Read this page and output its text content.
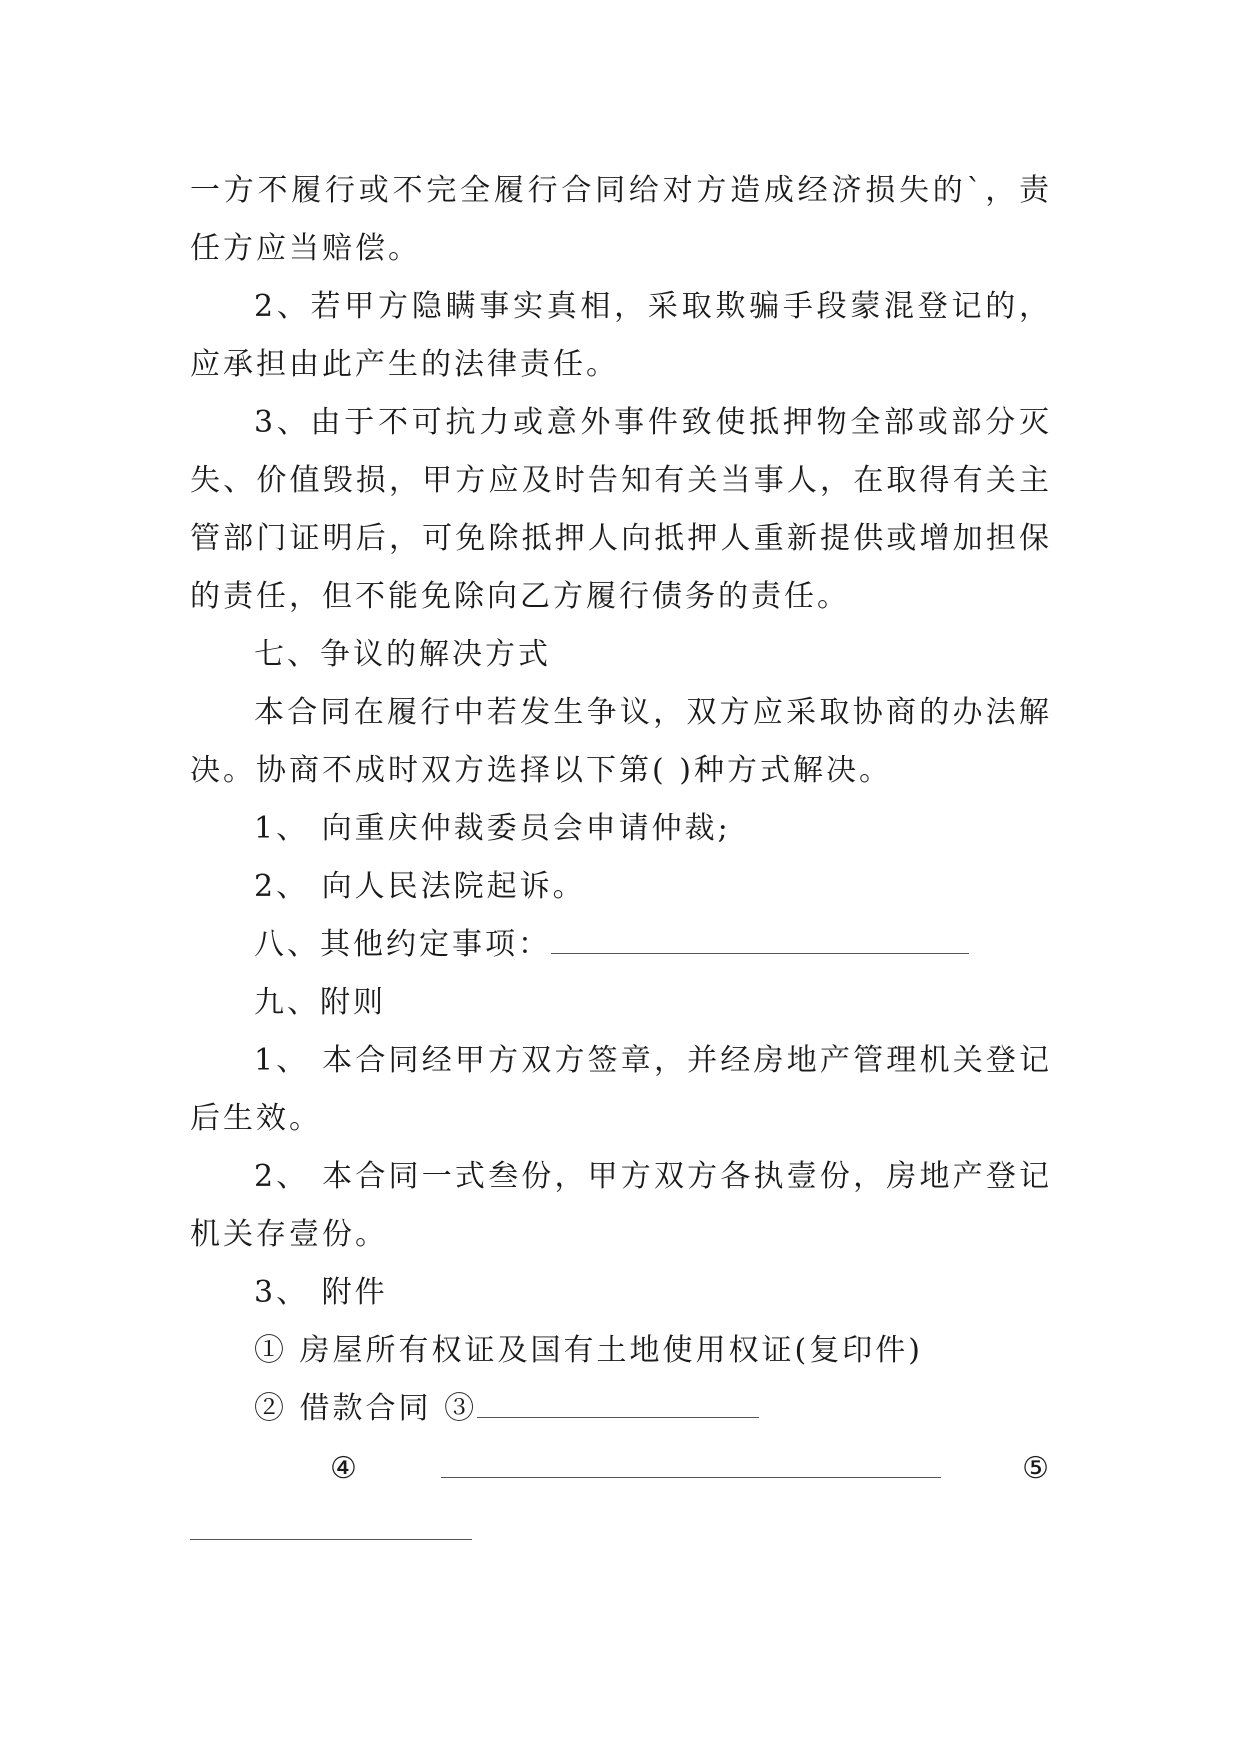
一方不履行或不完全履行合同给对方造成经济损失的`，责任方应当赔偿。

2、若甲方隐瞒事实真相，采取欺骗手段蒙混登记的，应承担由此产生的法律责任。

3、由于不可抗力或意外事件致使抵押物全部或部分灭失、价值毁损，甲方应及时告知有关当事人，在取得有关主管部门证明后，可免除抵押人向抵押人重新提供或增加担保的责任，但不能免除向乙方履行债务的责任。

七、争议的解决方式

本合同在履行中若发生争议，双方应采取协商的办法解决。协商不成时双方选择以下第( )种方式解决。

1、 向重庆仲裁委员会申请仲裁;

2、 向人民法院起诉。

八、其他约定事项：

九、附则

1、 本合同经甲方双方签章，并经房地产管理机关登记后生效。

2、 本合同一式叁份，甲方双方各执壹份，房地产登记机关存壹份。

3、 附件

① 房屋所有权证及国有土地使用权证(复印件)

② 借款合同 ③

④	⑤
